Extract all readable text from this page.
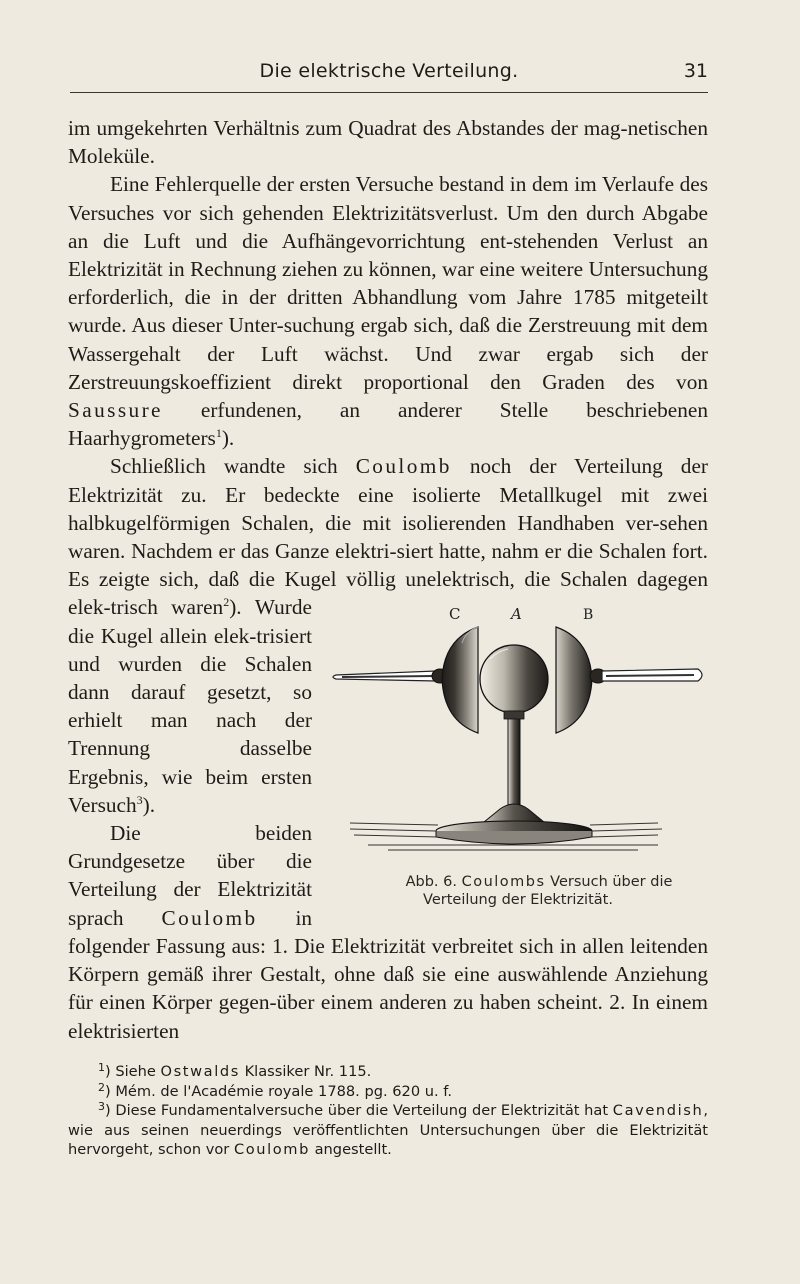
Die elektrische Verteilung.	31

im umgekehrten Verhältnis zum Quadrat des Abstandes der mag-netischen Moleküle.

Eine Fehlerquelle der ersten Versuche bestand in dem im Verlaufe des Versuches vor sich gehenden Elektrizitätsverlust. Um den durch Abgabe an die Luft und die Aufhängevorrichtung ent-stehenden Verlust an Elektrizität in Rechnung ziehen zu können, war eine weitere Untersuchung erforderlich, die in der dritten Abhandlung vom Jahre 1785 mitgeteilt wurde. Aus dieser Unter-suchung ergab sich, daß die Zerstreuung mit dem Wassergehalt der Luft wächst. Und zwar ergab sich der Zerstreuungskoeffizient direkt proportional den Graden des von Saussure erfundenen, an anderer Stelle beschriebenen Haarhygrometers$^1$).

Schließlich wandte sich Coulomb noch der Verteilung der Elektrizität zu. Er bedeckte eine isolierte Metallkugel mit zwei halbkugelförmigen Schalen, die mit isolierenden Handhaben ver-sehen waren. Nachdem er das Ganze elektri-siert hatte, nahm er die Schalen fort. Es zeigte sich, daß die Kugel völlig unelektrisch, die Schalen dagegen elek-trisch waren$^2$).	C	A	B
Abb. 6. Coulombs Versuch über die Verteilung der Elektrizität.
Wurde die Kugel allein elek-trisiert und wurden die Schalen dann darauf gesetzt, so erhielt man nach der Trennung dasselbe Ergebnis, wie beim ersten Versuch$^3$).

Die beiden Grundgesetze über die Verteilung der Elektrizität sprach Coulomb in folgender Fassung aus: 1. Die Elektrizität verbreitet sich in allen leitenden Körpern gemäß ihrer Gestalt, ohne daß sie eine auswählende Anziehung für einen Körper gegen-über einem anderen zu haben scheint. 2. In einem elektrisierten

$^1$) Siehe Ostwalds Klassiker Nr. 115.

$^2$) Mém. de l'Académie royale 1788. pg. 620 u. f.

$^3$) Diese Fundamentalversuche über die Verteilung der Elektrizität hat Cavendish, wie aus seinen neuerdings veröffentlichten Untersuchungen über die Elektrizität hervorgeht, schon vor Coulomb angestellt.
